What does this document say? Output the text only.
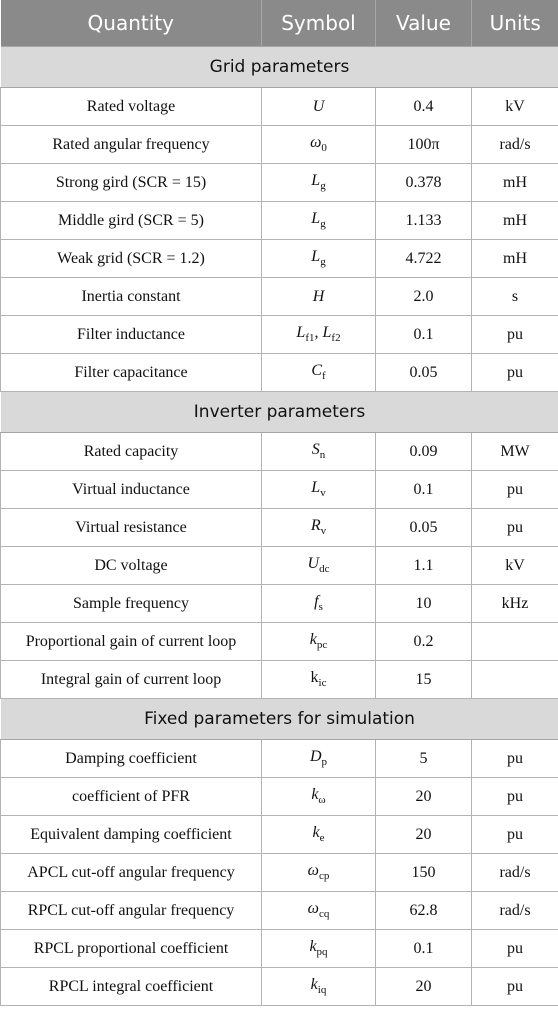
Quantity	Symbol	Value	Units
Grid parameters			
Rated voltage	U	0.4	kV
Rated angular frequency	$\omega_0$	100π	rad/s
Strong gird (SCR = 15)	$L_g$	0.378	mH
Middle gird (SCR = 5)	$L_g$	1.133	mH
Weak grid (SCR = 1.2)	$L_g$	4.722	mH
Inertia constant	H	2.0	s
Filter inductance	$L_{f1}$, $L_{f2}$	0.1	pu
Filter capacitance	$C_f$	0.05	pu
Inverter parameters			
Rated capacity	$S_n$	0.09	MW
Virtual inductance	$L_v$	0.1	pu
Virtual resistance	$R_v$	0.05	pu
DC voltage	$U_{dc}$	1.1	kV
Sample frequency	$f_s$	10	kHz
Proportional gain of current loop	$k_{pc}$	0.2	
Integral gain of current loop	$k_{ic}$	15	
Fixed parameters for simulation			
Damping coefficient	$D_p$	5	pu
coefficient of PFR	$k_\omega$	20	pu
Equivalent damping coefficient	$k_e$	20	pu
APCL cut-off angular frequency	$\omega_{cp}$	150	rad/s
RPCL cut-off angular frequency	$\omega_{cq}$	62.8	rad/s
RPCL proportional coefficient	$k_{pq}$	0.1	pu
RPCL integral coefficient	$k_{iq}$	20	pu
